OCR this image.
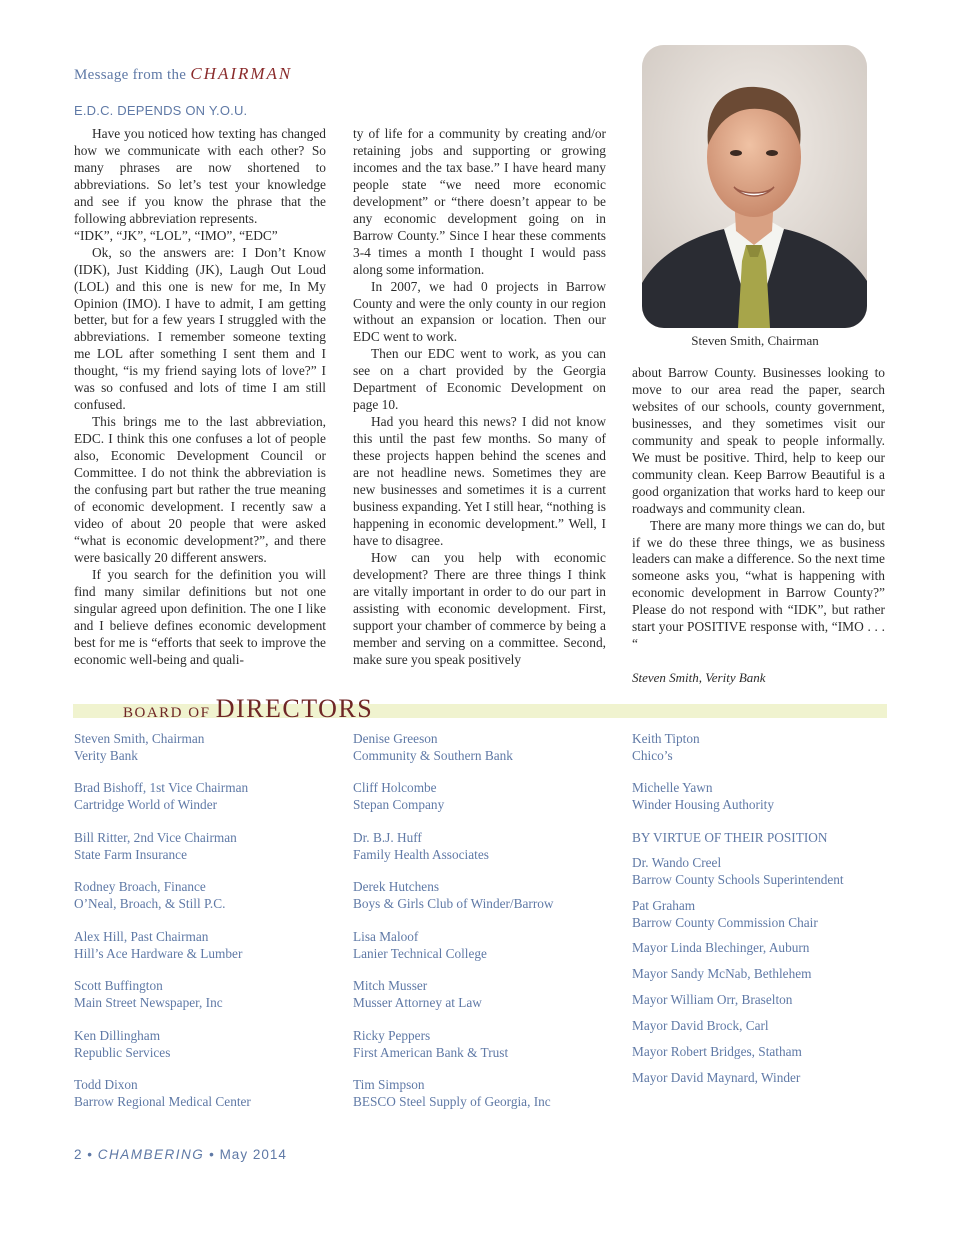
Message from the CHAIRMAN
E.D.C. DEPENDS ON Y.O.U.

Have you noticed how texting has changed how we communicate with each other? So many phrases are now shortened to abbreviations. So let’s test your knowledge and see if you know the phrase that the following abbreviation represents.

“IDK”, “JK”, “LOL”, “IMO”, “EDC”

Ok, so the answers are: I Don’t Know (IDK), Just Kidding (JK), Laugh Out Loud (LOL) and this one is new for me, In My Opinion (IMO). I have to admit, I am getting better, but for a few years I struggled with the abbreviations. I remember someone texting me LOL after something I sent them and I thought, “is my friend saying lots of love?” I was so confused and lots of time I am still confused.

This brings me to the last abbreviation, EDC. I think this one confuses a lot of people also, Economic Development Council or Committee. I do not think the abbreviation is the confusing part but rather the true meaning of economic development. I recently saw a video of about 20 people that were asked “what is economic development?”, and there were basically 20 different answers.

If you search for the definition you will find many similar definitions but not one singular agreed upon definition. The one I like and I believe defines economic development best for me is “efforts that seek to improve the economic well-being and quali-

ty of life for a community by creating and/or retaining jobs and supporting or growing incomes and the tax base.” I have heard many people state “we need more economic development” or “there doesn’t appear to be any economic development going on in Barrow County.” Since I hear these comments 3-4 times a month I thought I would pass along some information.

In 2007, we had 0 projects in Barrow County and were the only county in our region without an expansion or location. Then our EDC went to work.

Then our EDC went to work, as you can see on a chart provided by the Georgia Department of Economic Development on page 10.

Had you heard this news? I did not know this until the past few months. So many of these projects happen behind the scenes and are not headline news. Sometimes they are new businesses and sometimes it is a current business expanding. Yet I still hear, “nothing is happening in economic development.” Well, I have to disagree.

How can you help with economic development? There are three things I think are vitally important in order to do our part in assisting with economic development. First, support your chamber of commerce by being a member and serving on a committee. Second, make sure you speak positively

about Barrow County. Businesses looking to move to our area read the paper, search websites of our schools, county government, businesses, and they sometimes visit our community and speak to people informally. We must be positive. Third, help to keep our community clean. Keep Barrow Beautiful is a good organization that works hard to keep our roadways and community clean.

There are many more things we can do, but if we do these three things, we as business leaders can make a difference. So the next time someone asks you, “what is happening with economic development in Barrow County?” Please do not respond with “IDK”, but rather start your POSITIVE response with, “IMO . . . “

Steven Smith, Verity Bank
Steven Smith, Chairman
BOARD OF DIRECTORS
Steven Smith, Chairman
Verity Bank
Brad Bishoff, 1st Vice Chairman
Cartridge World of Winder
Bill Ritter, 2nd Vice Chairman
State Farm Insurance
Rodney Broach, Finance
O’Neal, Broach, & Still P.C.
Alex Hill, Past Chairman
Hill’s Ace Hardware & Lumber
Scott Buffington
Main Street Newspaper, Inc
Ken Dillingham
Republic Services
Todd Dixon
Barrow Regional Medical Center
Denise Greeson
Community & Southern Bank
Cliff Holcombe
Stepan Company
Dr. B.J. Huff
Family Health Associates
Derek Hutchens
Boys & Girls Club of Winder/Barrow
Lisa Maloof
Lanier Technical College
Mitch Musser
Musser Attorney at Law
Ricky Peppers
First American Bank & Trust
Tim Simpson
BESCO Steel Supply of Georgia, Inc
Keith Tipton
Chico’s
Michelle Yawn
Winder Housing Authority
BY VIRTUE OF THEIR POSITION
Dr. Wando Creel
Barrow County Schools Superintendent
Pat Graham
Barrow County Commission Chair
Mayor Linda Blechinger, Auburn
Mayor Sandy McNab, Bethlehem
Mayor William Orr, Braselton
Mayor David Brock, Carl
Mayor Robert Bridges, Statham
Mayor David Maynard, Winder
2 • CHAMBERING • May 2014
